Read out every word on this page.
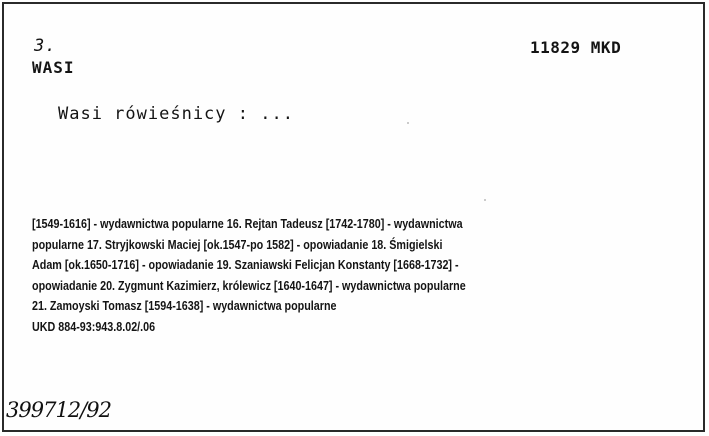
3.	11829 MKD
WASI
Wasi rówieśnicy : ...
[1549-1616] - wydawnictwa popularne 16. Rejtan Tadeusz [1742-1780] - wydawnictwa
popularne 17. Stryjkowski Maciej [ok.1547-po 1582] - opowiadanie 18. Śmigielski
Adam [ok.1650-1716] - opowiadanie 19. Szaniawski Felicjan Konstanty [1668-1732] -
opowiadanie 20. Zygmunt Kazimierz, królewicz [1640-1647] - wydawnictwa popularne
21. Zamoyski Tomasz [1594-1638] - wydawnictwa popularne
UKD 884-93:943.8.02/.06
399712/92
